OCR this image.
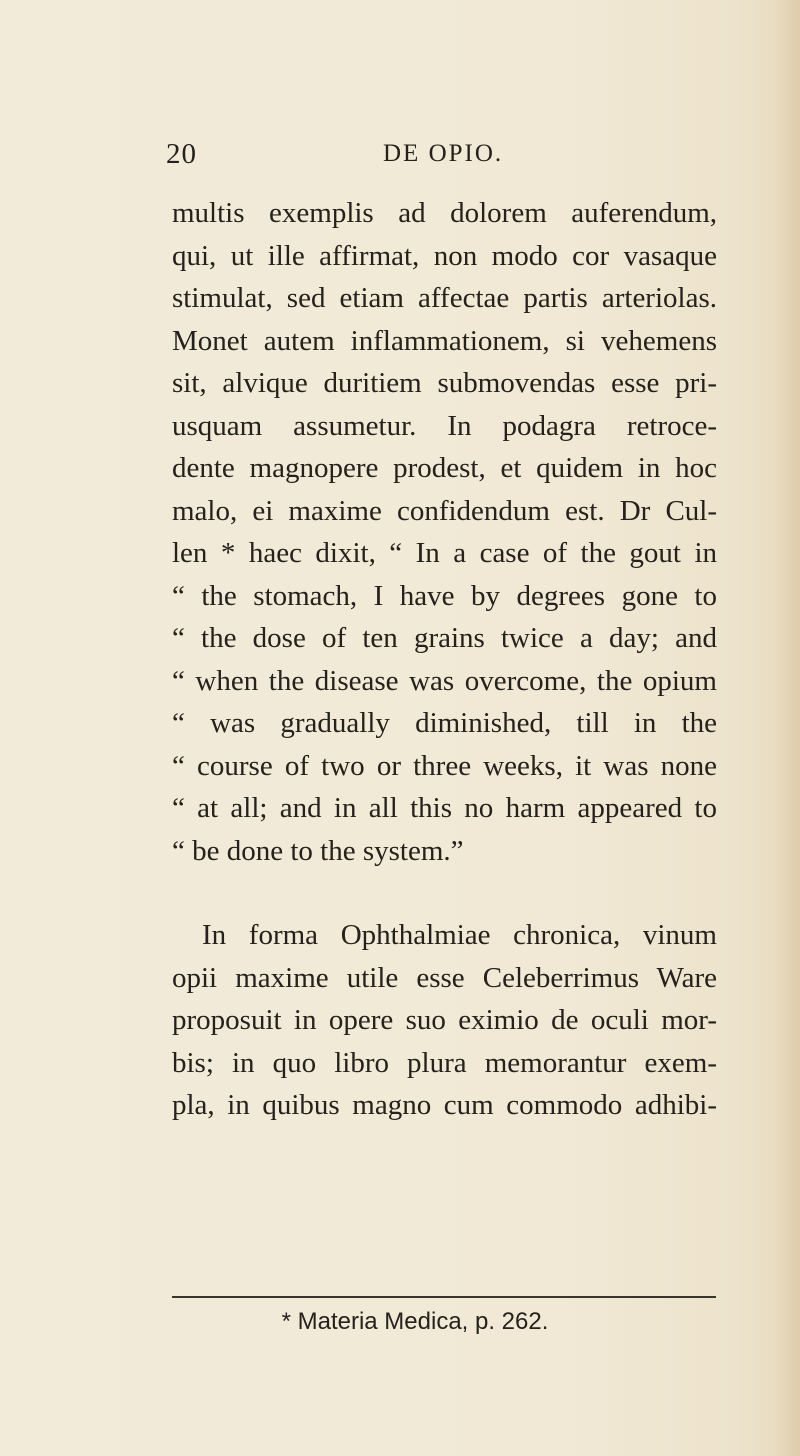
20	DE OPIO.
multis exemplis ad dolorem auferendum,
qui, ut ille affirmat, non modo cor vasaque
stimulat, sed etiam affectae partis arteriolas.
Monet autem inflammationem, si vehemens
sit, alvique duritiem submovendas esse pri-
usquam assumetur. In podagra retroce-
dente magnopere prodest, et quidem in hoc
malo, ei maxime confidendum est. Dr Cul-
len * haec dixit, “ In a case of the gout in
“ the stomach, I have by degrees gone to
“ the dose of ten grains twice a day; and
“ when the disease was overcome, the opium
“ was gradually diminished, till in the
“ course of two or three weeks, it was none
“ at all; and in all this no harm appeared to
“ be done to the system.”
In forma Ophthalmiae chronica, vinum
opii maxime utile esse Celeberrimus Ware
proposuit in opere suo eximio de oculi mor-
bis; in quo libro plura memorantur exem-
pla, in quibus magno cum commodo adhibi-
* Materia Medica, p. 262.
